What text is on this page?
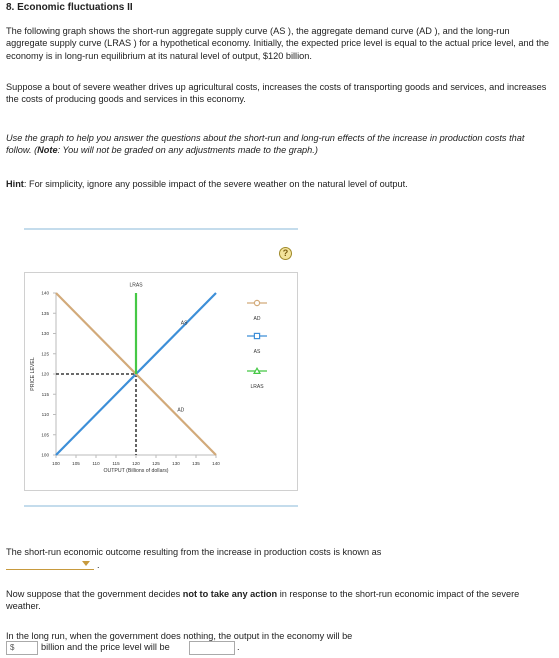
8. Economic fluctuations II
The following graph shows the short-run aggregate supply curve (AS ), the aggregate demand curve (AD ), and the long-run aggregate supply curve (LRAS ) for a hypothetical economy. Initially, the expected price level is equal to the actual price level, and the economy is in long-run equilibrium at its natural level of output, $120 billion.
Suppose a bout of severe weather drives up agricultural costs, increases the costs of transporting goods and services, and increases the costs of producing goods and services in this economy.
Use the graph to help you answer the questions about the short-run and long-run effects of the increase in production costs that follow. (Note: You will not be graded on any adjustments made to the graph.)
Hint: For simplicity, ignore any possible impact of the severe weather on the natural level of output.
?
100	105	110	115	120	125	130	135	140
100
105
110
115
120
125
130
135
140
OUTPUT (Billions of dollars)
PRICE LEVEL
AS
AD
LRAS
AD
AS
LRAS
The short-run economic outcome resulting from the increase in production costs is known as
.
Now suppose that the government decides not to take any action in response to the short-run economic impact of the severe weather.
In the long run, when the government does nothing, the output in the economy will be
$	billion and the price level will be	.
